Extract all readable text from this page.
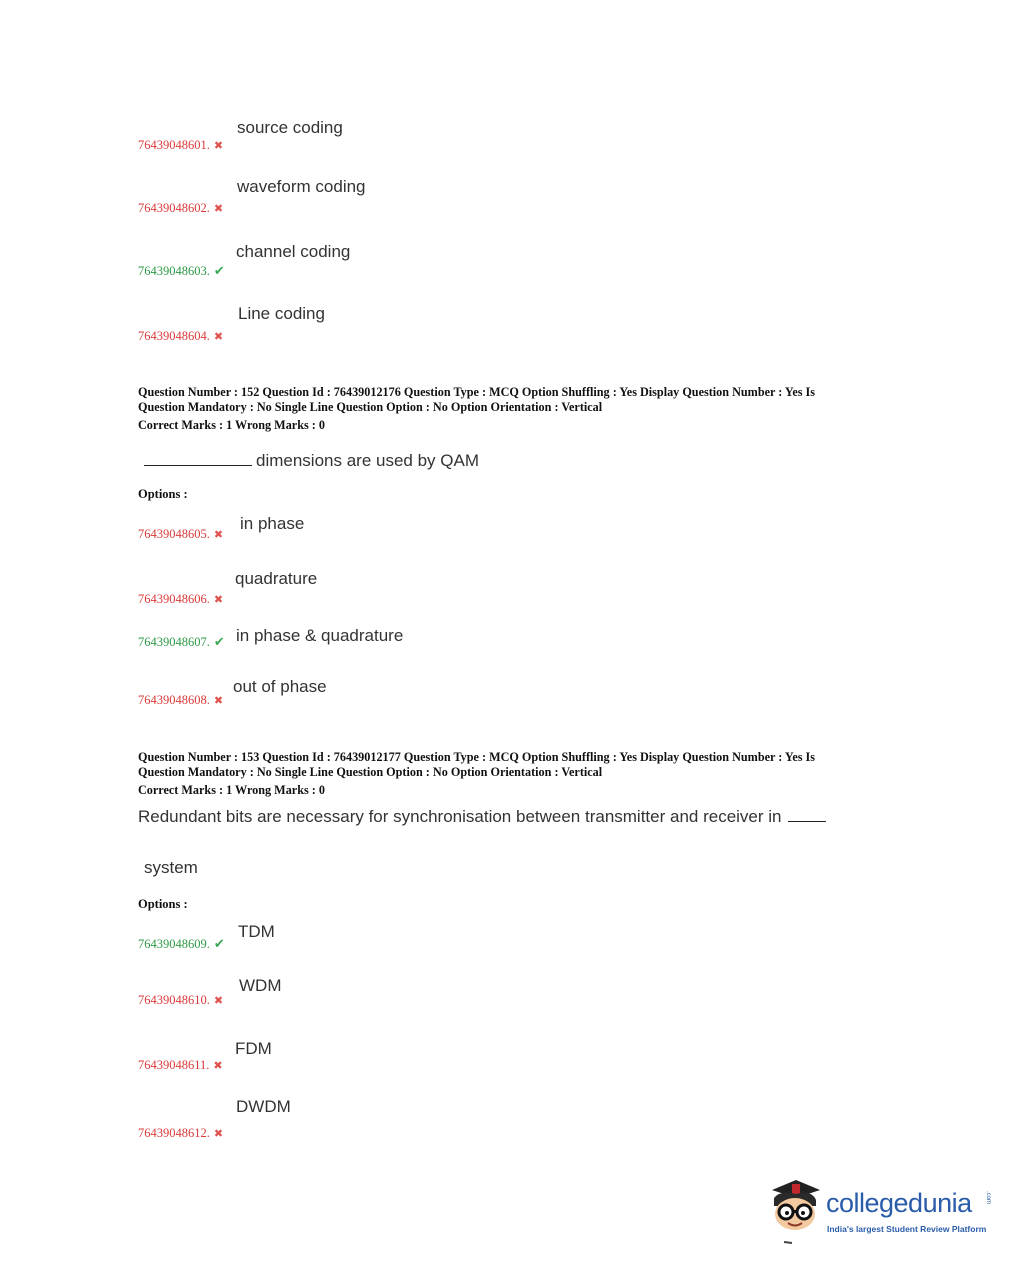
source coding
76439048601. ✖
waveform coding
76439048602. ✖
channel coding
76439048603. ✔
Line coding
76439048604. ✖

Question Number : 152 Question Id : 76439012176 Question Type : MCQ Option Shuffling : Yes Display Question Number : Yes Is

Question Mandatory : No Single Line Question Option : No Option Orientation : Vertical

Correct Marks : 1 Wrong Marks : 0

dimensions are used by QAM
Options :
in phase
76439048605. ✖
quadrature
76439048606. ✖
in phase & quadrature
76439048607. ✔
out of phase
76439048608. ✖

Question Number : 153 Question Id : 76439012177 Question Type : MCQ Option Shuffling : Yes Display Question Number : Yes Is

Question Mandatory : No Single Line Question Option : No Option Orientation : Vertical

Correct Marks : 1 Wrong Marks : 0

Redundant bits are necessary for synchronisation between transmitter and receiver in
system
Options :
TDM
76439048609. ✔
WDM
76439048610. ✖
FDM
76439048611. ✖
DWDM
76439048612. ✖
collegedunia .com
India's largest Student Review Platform
